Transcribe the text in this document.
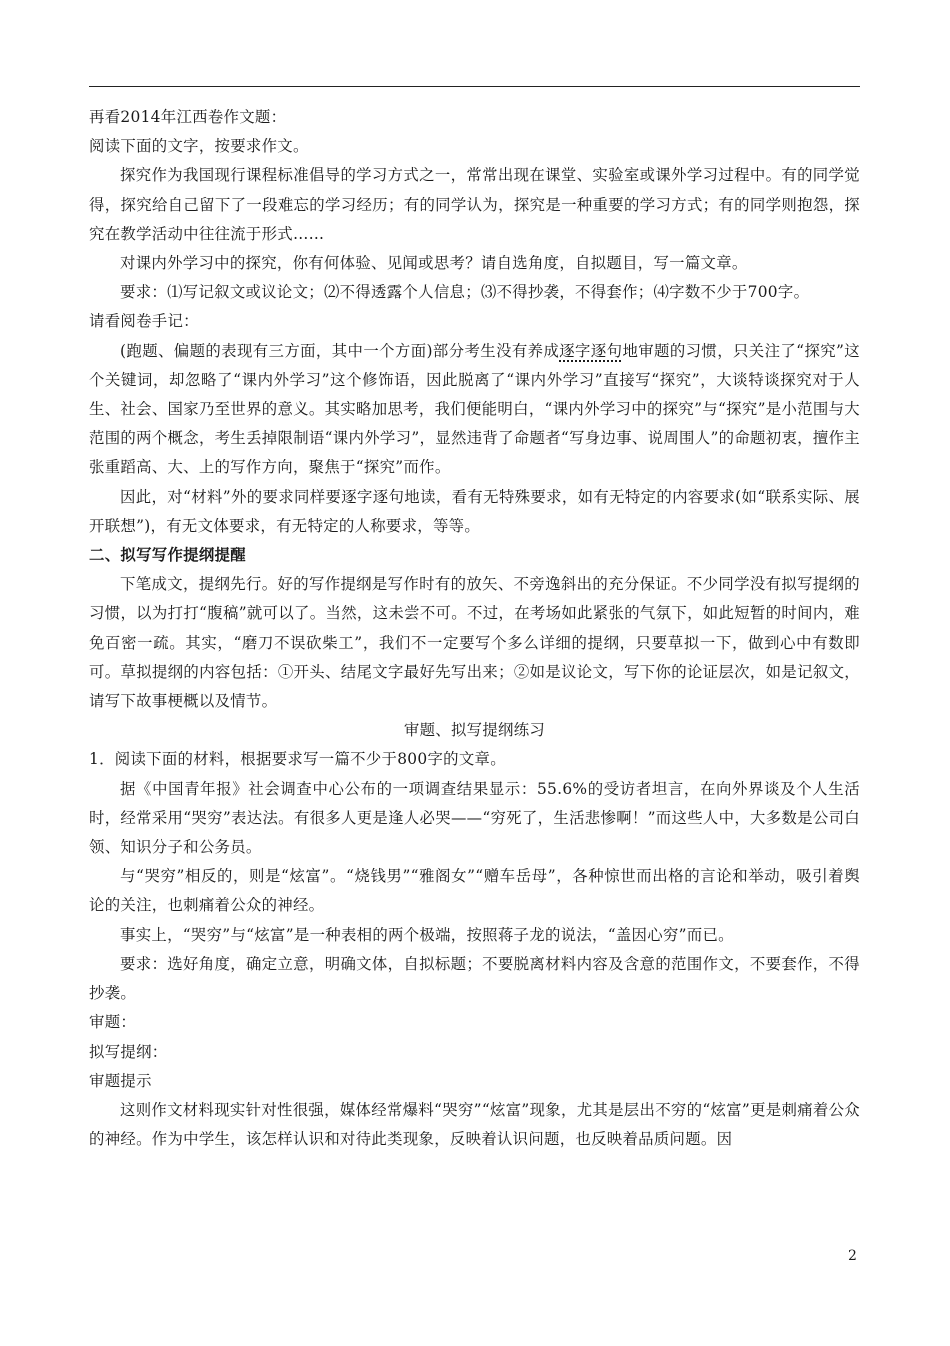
再看2014年江西卷作文题：

阅读下面的文字，按要求作文。

探究作为我国现行课程标准倡导的学习方式之一，常常出现在课堂、实验室或课外学习过程中。有的同学觉得，探究给自己留下了一段难忘的学习经历；有的同学认为，探究是一种重要的学习方式；有的同学则抱怨，探究在教学活动中往往流于形式……

对课内外学习中的探究，你有何体验、见闻或思考？请自选角度，自拟题目，写一篇文章。

要求：⑴写记叙文或议论文；⑵不得透露个人信息；⑶不得抄袭，不得套作；⑷字数不少于700字。

请看阅卷手记：

(跑题、偏题的表现有三方面，其中一个方面)部分考生没有养成逐字逐句地审题的习惯，只关注了“探究”这个关键词，却忽略了“课内外学习”这个修饰语，因此脱离了“课内外学习”直接写“探究”，大谈特谈探究对于人生、社会、国家乃至世界的意义。其实略加思考，我们便能明白，“课内外学习中的探究”与“探究”是小范围与大范围的两个概念，考生丢掉限制语“课内外学习”，显然违背了命题者“写身边事、说周围人”的命题初衷，擅作主张重蹈高、大、上的写作方向，聚焦于“探究”而作。

因此，对“材料”外的要求同样要逐字逐句地读，看有无特殊要求，如有无特定的内容要求(如“联系实际、展开联想”)，有无文体要求，有无特定的人称要求，等等。

二、拟写写作提纲提醒

下笔成文，提纲先行。好的写作提纲是写作时有的放矢、不旁逸斜出的充分保证。不少同学没有拟写提纲的习惯，以为打打“腹稿”就可以了。当然，这未尝不可。不过，在考场如此紧张的气氛下，如此短暂的时间内，难免百密一疏。其实，“磨刀不误砍柴工”，我们不一定要写个多么详细的提纲，只要草拟一下，做到心中有数即可。草拟提纲的内容包括：①开头、结尾文字最好先写出来；②如是议论文，写下你的论证层次，如是记叙文，请写下故事梗概以及情节。

审题、拟写提纲练习

1．阅读下面的材料，根据要求写一篇不少于800字的文章。

据《中国青年报》社会调查中心公布的一项调查结果显示：55.6%的受访者坦言，在向外界谈及个人生活时，经常采用“哭穷”表达法。有很多人更是逢人必哭——“穷死了，生活悲惨啊！”而这些人中，大多数是公司白领、知识分子和公务员。

与“哭穷”相反的，则是“炫富”。“烧钱男”“雅阁女”“赠车岳母”，各种惊世而出格的言论和举动，吸引着舆论的关注，也刺痛着公众的神经。

事实上，“哭穷”与“炫富”是一种表相的两个极端，按照蒋子龙的说法，“盖因心穷”而已。

要求：选好角度，确定立意，明确文体，自拟标题；不要脱离材料内容及含意的范围作文，不要套作，不得抄袭。

审题：

拟写提纲：

审题提示

这则作文材料现实针对性很强，媒体经常爆料“哭穷”“炫富”现象，尤其是层出不穷的“炫富”更是刺痛着公众的神经。作为中学生，该怎样认识和对待此类现象，反映着认识问题，也反映着品质问题。因

2
